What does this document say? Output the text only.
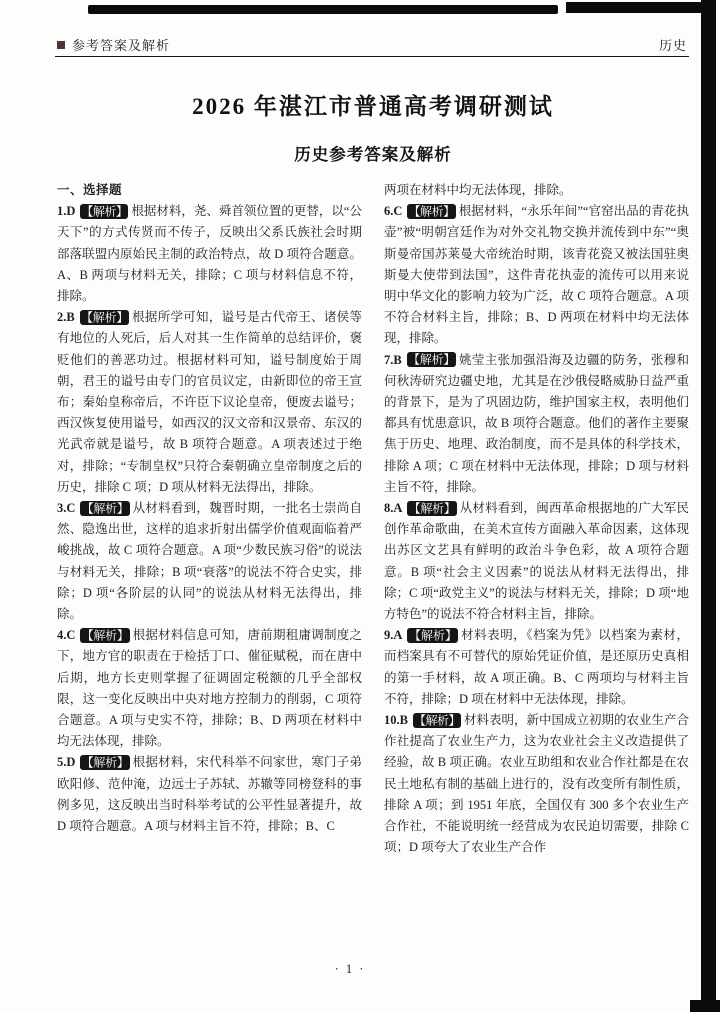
参考答案及解析	历史
2026 年湛江市普通高考调研测试
历史参考答案及解析

一、选择题

1.D 【解析】 根据材料，尧、舜首领位置的更替，以“公天下”的方式传贤而不传子，反映出父系氏族社会时期部落联盟内原始民主制的政治特点，故 D 项符合题意。A、B 两项与材料无关，排除；C 项与材料信息不符，排除。

2.B 【解析】 根据所学可知，谥号是古代帝王、诸侯等有地位的人死后，后人对其一生作简单的总结评价，褒贬他们的善恶功过。根据材料可知，谥号制度始于周朝，君王的谥号由专门的官员议定，由新即位的帝王宣布；秦始皇称帝后，不许臣下议论皇帝，便废去谥号；西汉恢复使用谥号，如西汉的汉文帝和汉景帝、东汉的光武帝就是谥号，故 B 项符合题意。A 项表述过于绝对，排除；“专制皇权”只符合秦朝确立皇帝制度之后的历史，排除 C 项；D 项从材料无法得出，排除。

3.C 【解析】 从材料看到，魏晋时期，一批名士崇尚自然、隐逸出世，这样的追求折射出儒学价值观面临着严峻挑战，故 C 项符合题意。A 项“少数民族习俗”的说法与材料无关，排除；B 项“衰落”的说法不符合史实，排除；D 项“各阶层的认同”的说法从材料无法得出，排除。

4.C 【解析】 根据材料信息可知，唐前期租庸调制度之下，地方官的职责在于检括丁口、催征赋税，而在唐中后期，地方长吏则掌握了征调固定税额的几乎全部权限，这一变化反映出中央对地方控制力的削弱，C 项符合题意。A 项与史实不符，排除；B、D 两项在材料中均无法体现，排除。

5.D 【解析】 根据材料，宋代科举不问家世，寒门子弟欧阳修、范仲淹，边远士子苏轼、苏辙等同榜登科的事例多见，这反映出当时科举考试的公平性显著提升，故 D 项符合题意。A 项与材料主旨不符，排除；B、C

两项在材料中均无法体现，排除。

6.C 【解析】 根据材料，“永乐年间”“官窑出品的青花执壶”被“明朝宫廷作为对外交礼物交换并流传到中东”“奥斯曼帝国苏莱曼大帝统治时期，该青花瓷又被法国驻奥斯曼大使带到法国”，这件青花执壶的流传可以用来说明中华文化的影响力较为广泛，故 C 项符合题意。A 项不符合材料主旨，排除；B、D 两项在材料中均无法体现，排除。

7.B 【解析】 姚莹主张加强沿海及边疆的防务，张穆和何秋涛研究边疆史地，尤其是在沙俄侵略威胁日益严重的背景下，是为了巩固边防，维护国家主权，表明他们都具有忧患意识，故 B 项符合题意。他们的著作主要聚焦于历史、地理、政治制度，而不是具体的科学技术，排除 A 项；C 项在材料中无法体现，排除；D 项与材料主旨不符，排除。

8.A 【解析】 从材料看到，闽西革命根据地的广大军民创作革命歌曲，在美术宣传方面融入革命因素，这体现出苏区文艺具有鲜明的政治斗争色彩，故 A 项符合题意。B 项“社会主义因素”的说法从材料无法得出，排除；C 项“政党主义”的说法与材料无关，排除；D 项“地方特色”的说法不符合材料主旨，排除。

9.A 【解析】 材料表明，《档案为凭》以档案为素材，而档案具有不可替代的原始凭证价值，是还原历史真相的第一手材料，故 A 项正确。B、C 两项均与材料主旨不符，排除；D 项在材料中无法体现，排除。

10.B 【解析】 材料表明，新中国成立初期的农业生产合作社提高了农业生产力，这为农业社会主义改造提供了经验，故 B 项正确。农业互助组和农业合作社都是在农民土地私有制的基础上进行的，没有改变所有制性质，排除 A 项；到 1951 年底，全国仅有 300 多个农业生产合作社，不能说明统一经营成为农民迫切需要，排除 C 项；D 项夸大了农业生产合作

· 1 ·
